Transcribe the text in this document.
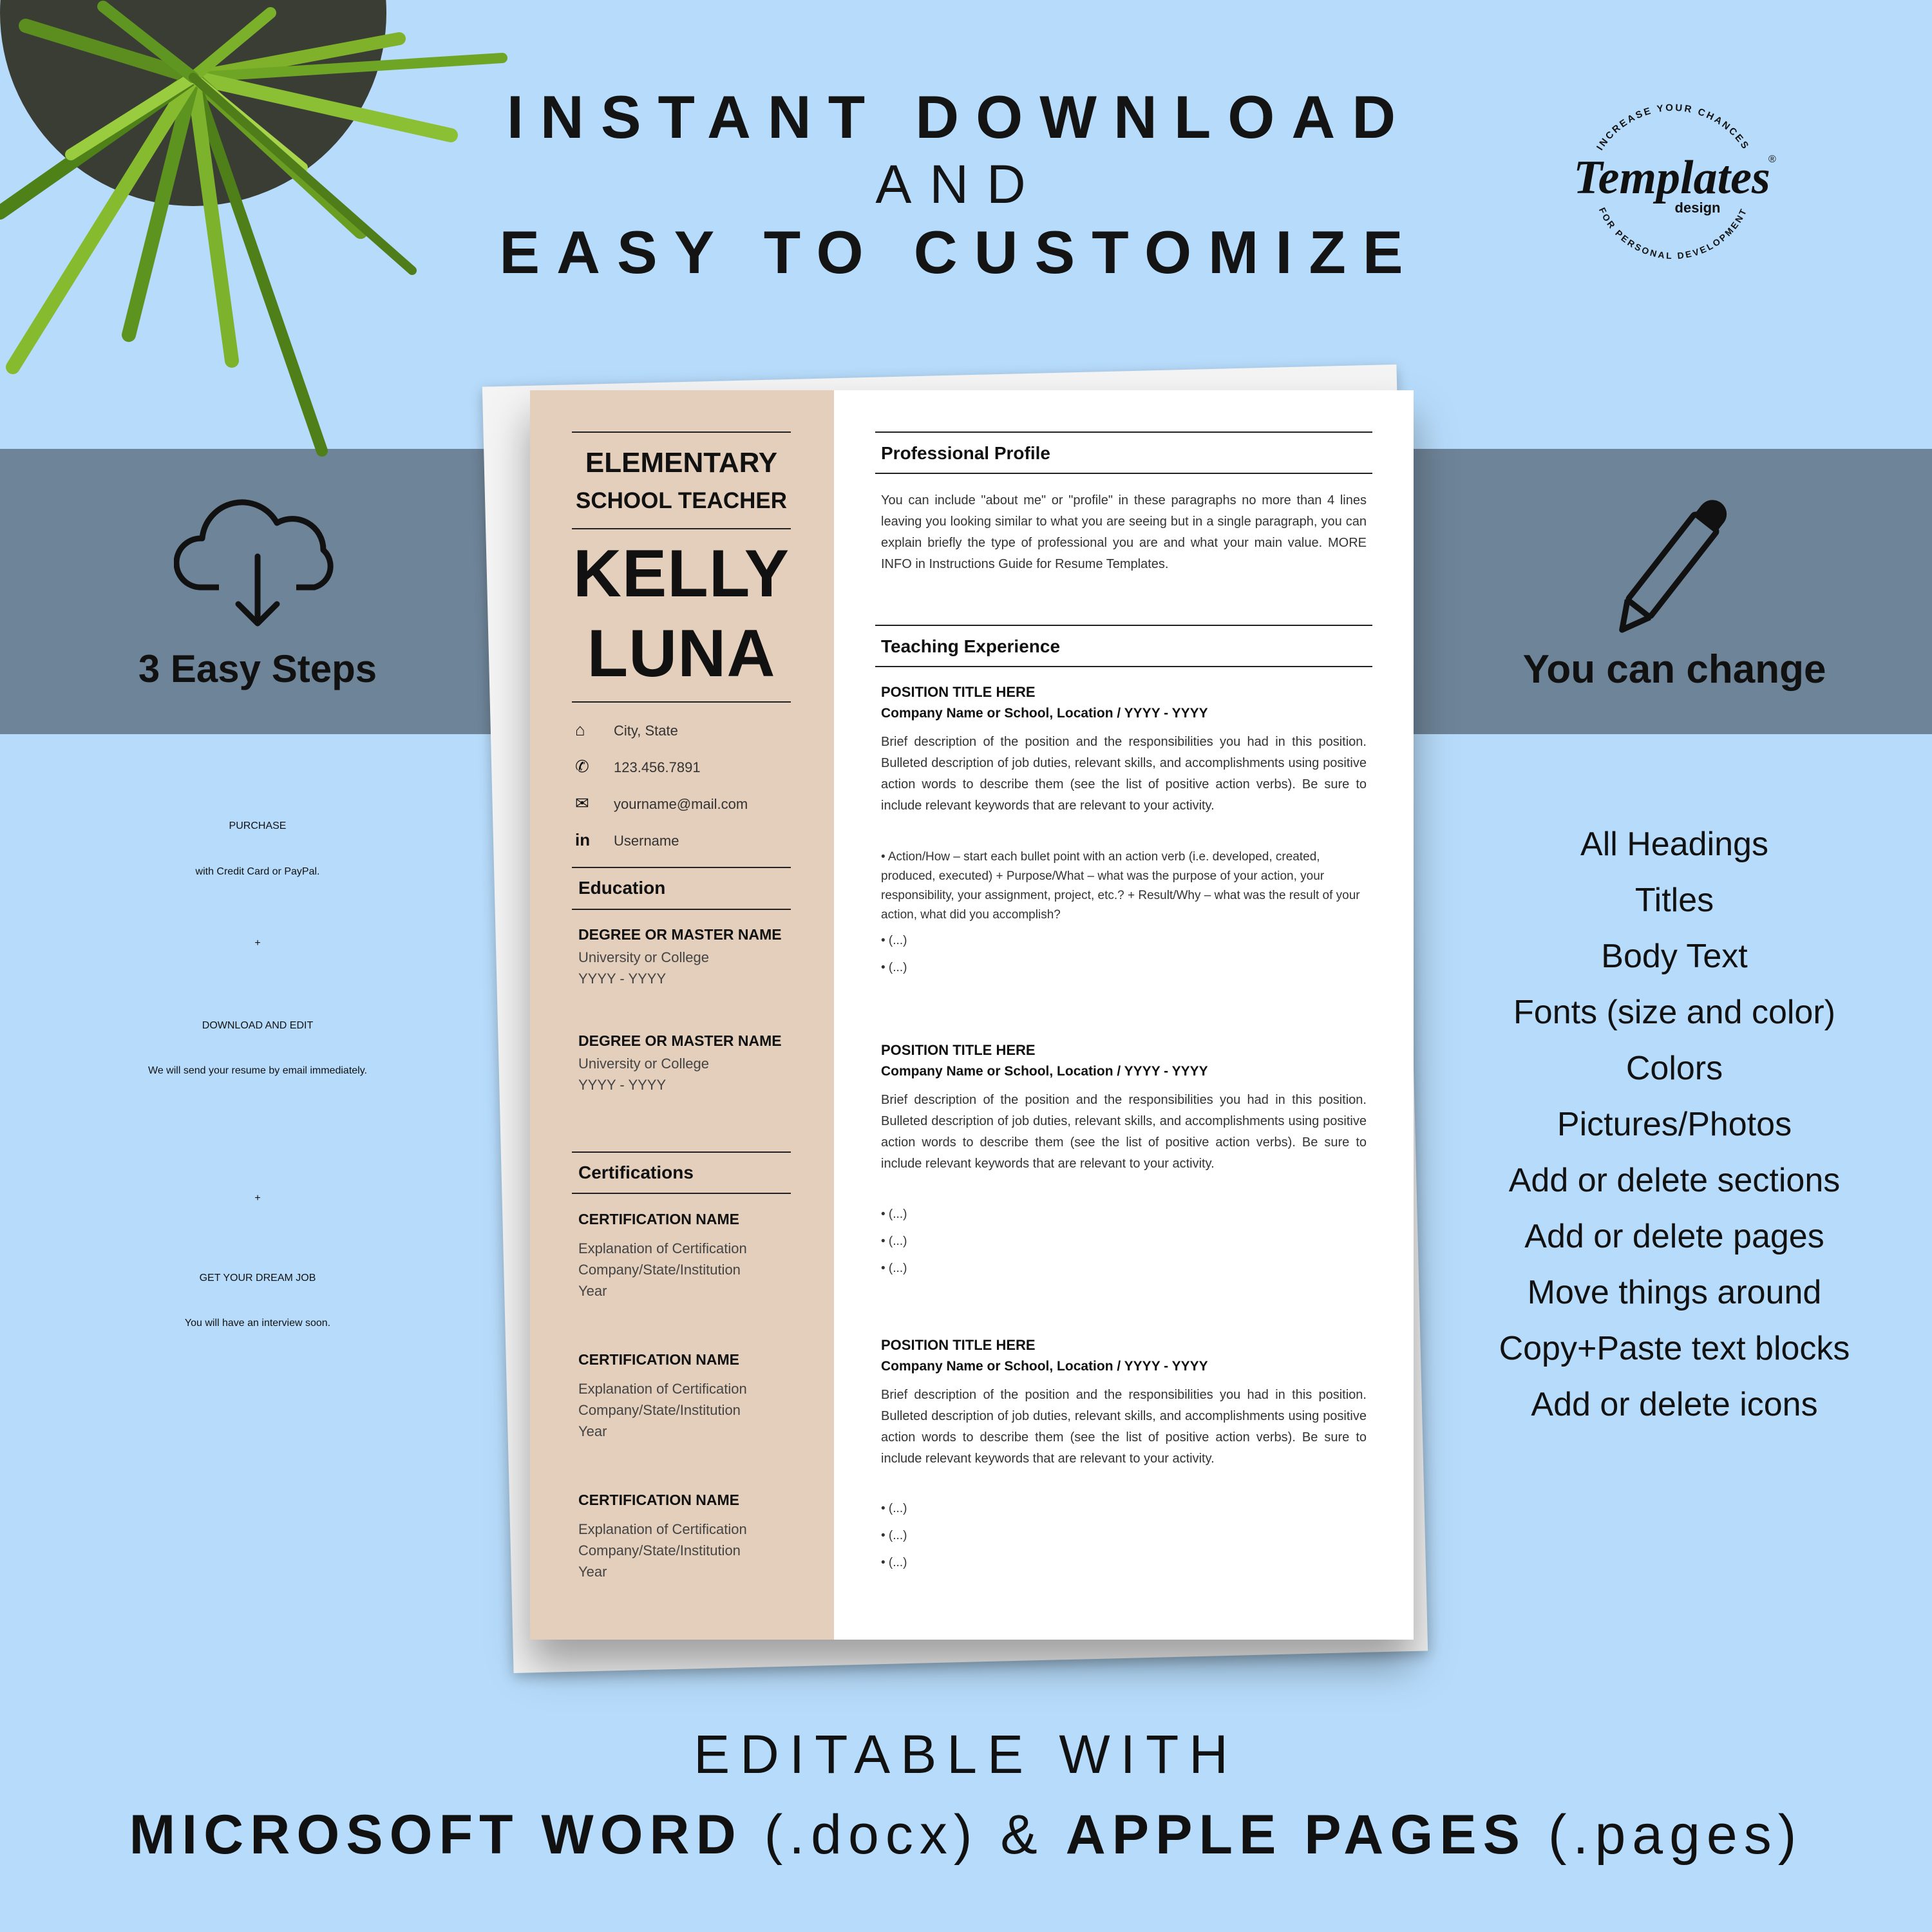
INSTANT DOWNLOAD
AND
EASY TO CUSTOMIZE
INCREASE YOUR CHANCES
FOR PERSONAL DEVELOPMENT
Templates
design
®
3 Easy Steps
PURCHASE
with Credit Card or PayPal.
+
DOWNLOAD AND EDIT
We will send your resume by email immediately.
+
GET YOUR DREAM JOB
You will have an interview soon.
You can change
All Headings
Titles
Body Text
Fonts (size and color)
Colors
Pictures/Photos
Add or delete sections
Add or delete pages
Move things around
Copy+Paste text blocks
Add or delete icons
ELEMENTARY
SCHOOL TEACHER
KELLY
LUNA
⌂ City, State
✆ 123.456.7891
✉ yourname@mail.com
in Username
Education
DEGREE OR MASTER NAME
University or College
YYYY - YYYY
DEGREE OR MASTER NAME
University or College
YYYY - YYYY
Certifications
CERTIFICATION NAME
Explanation of Certification
Company/State/Institution
Year
CERTIFICATION NAME
Explanation of Certification
Company/State/Institution
Year
CERTIFICATION NAME
Explanation of Certification
Company/State/Institution
Year
Professional Profile

You can include "about me" or "profile" in these paragraphs no more than 4 lines leaving you looking similar to what you are seeing but in a single paragraph, you can explain briefly the type of professional you are and what your main value. MORE INFO in Instructions Guide for Resume Templates.

Teaching Experience
POSITION TITLE HERE
Company Name or School, Location / YYYY - YYYY

Brief description of the position and the responsibilities you had in this position. Bulleted description of job duties, relevant skills, and accomplishments using positive action words to describe them (see the list of positive action verbs). Be sure to include relevant keywords that are relevant to your activity.

• Action/How – start each bullet point with an action verb (i.e. developed, created, produced, executed) + Purpose/What – what was the purpose of your action, your responsibility, your assignment, project, etc.? + Result/Why – what was the result of your action, what did you accomplish?
• (...)
• (...)
POSITION TITLE HERE
Company Name or School, Location / YYYY - YYYY

Brief description of the position and the responsibilities you had in this position. Bulleted description of job duties, relevant skills, and accomplishments using positive action words to describe them (see the list of positive action verbs). Be sure to include relevant keywords that are relevant to your activity.

• (...)
• (...)
• (...)
POSITION TITLE HERE
Company Name or School, Location / YYYY - YYYY

Brief description of the position and the responsibilities you had in this position. Bulleted description of job duties, relevant skills, and accomplishments using positive action words to describe them (see the list of positive action verbs). Be sure to include relevant keywords that are relevant to your activity.

• (...)
• (...)
• (...)
EDITABLE WITH
MICROSOFT WORD (.docx) & APPLE PAGES (.pages)
